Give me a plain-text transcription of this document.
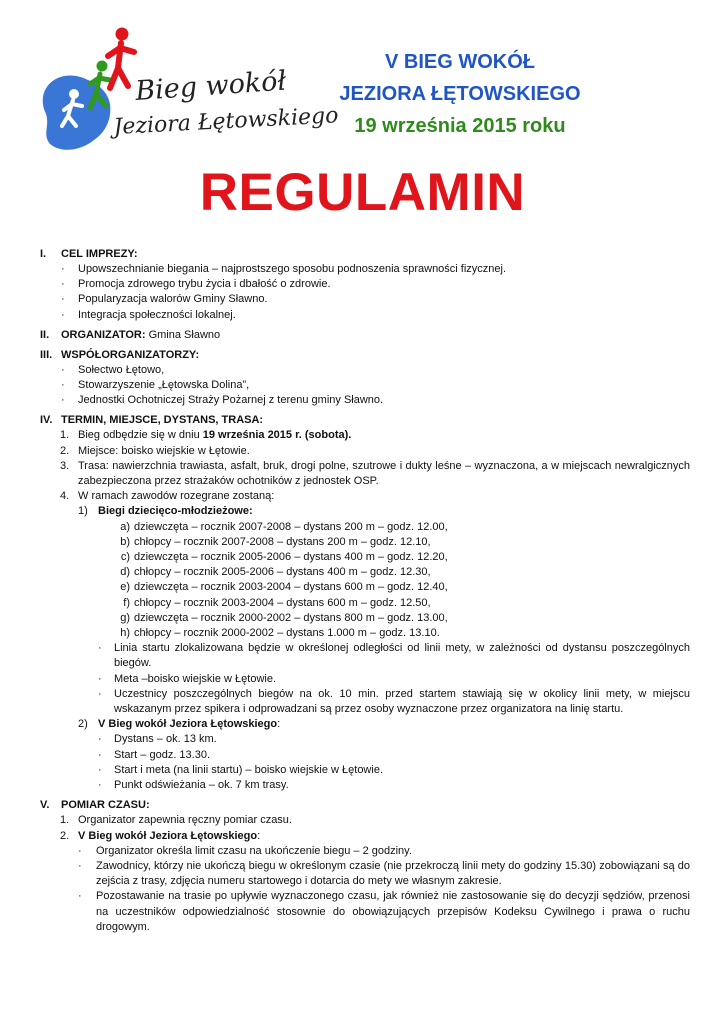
Bieg wokół
Jeziora Łętowskiego
V BIEG WOKÓŁ
JEZIORA ŁĘTOWSKIEGO
19 września 2015 roku
REGULAMIN
I. CEL IMPREZY:
· Upowszechnianie biegania – najprostszego sposobu podnoszenia sprawności fizycznej.
· Promocja zdrowego trybu życia i dbałość o zdrowie.
· Popularyzacja walorów Gminy Sławno.
· Integracja społeczności lokalnej.
II. ORGANIZATOR: Gmina Sławno
III. WSPÓŁORGANIZATORZY:
· Sołectwo Łętowo,
· Stowarzyszenie „Łętowska Dolina”,
· Jednostki Ochotniczej Straży Pożarnej z terenu gminy Sławno.
IV. TERMIN, MIEJSCE, DYSTANS, TRASA:
1. Bieg odbędzie się w dniu 19 września 2015 r. (sobota).
2. Miejsce: boisko wiejskie w Łętowie.
3. Trasa: nawierzchnia trawiasta, asfalt, bruk, drogi polne, szutrowe i dukty leśne – wyznaczona, a w miejscach newralgicznych zabezpieczona przez strażaków ochotników z jednostek OSP.
4. W ramach zawodów rozegrane zostaną:
1) Biegi dziecięco-młodzieżowe:
a) dziewczęta – rocznik 2007-2008 – dystans 200 m – godz. 12.00,
b) chłopcy – rocznik 2007-2008 – dystans 200 m – godz. 12.10,
c) dziewczęta – rocznik 2005-2006 – dystans 400 m – godz. 12.20,
d) chłopcy – rocznik 2005-2006 – dystans 400 m – godz. 12.30,
e) dziewczęta – rocznik 2003-2004 – dystans 600 m – godz. 12.40,
f) chłopcy – rocznik 2003-2004 – dystans 600 m – godz. 12.50,
g) dziewczęta – rocznik 2000-2002 – dystans 800 m – godz. 13.00,
h) chłopcy – rocznik 2000-2002 – dystans 1.000 m – godz. 13.10.
· Linia startu zlokalizowana będzie w określonej odległości od linii mety, w zależności od dystansu poszczególnych biegów.
· Meta –boisko wiejskie w Łętowie.
· Uczestnicy poszczególnych biegów na ok. 10 min. przed startem stawiają się w okolicy linii mety, w miejscu wskazanym przez spikera i odprowadzani są przez osoby wyznaczone przez organizatora na linię startu.
2) V Bieg wokół Jeziora Łętowskiego:
· Dystans – ok. 13 km.
· Start – godz. 13.30.
· Start i meta (na linii startu) – boisko wiejskie w Łętowie.
· Punkt odświeżania – ok. 7 km trasy.
V. POMIAR CZASU:
1. Organizator zapewnia ręczny pomiar czasu.
2. V Bieg wokół Jeziora Łętowskiego:
· Organizator określa limit czasu na ukończenie biegu – 2 godziny.
· Zawodnicy, którzy nie ukończą biegu w określonym czasie (nie przekroczą linii mety do godziny 15.30) zobowiązani są do zejścia z trasy, zdjęcia numeru startowego i dotarcia do mety we własnym zakresie.
· Pozostawanie na trasie po upływie wyznaczonego czasu, jak również nie zastosowanie się do decyzji sędziów, przenosi na uczestników odpowiedzialność stosownie do obowiązujących przepisów Kodeksu Cywilnego i prawa o ruchu drogowym.
